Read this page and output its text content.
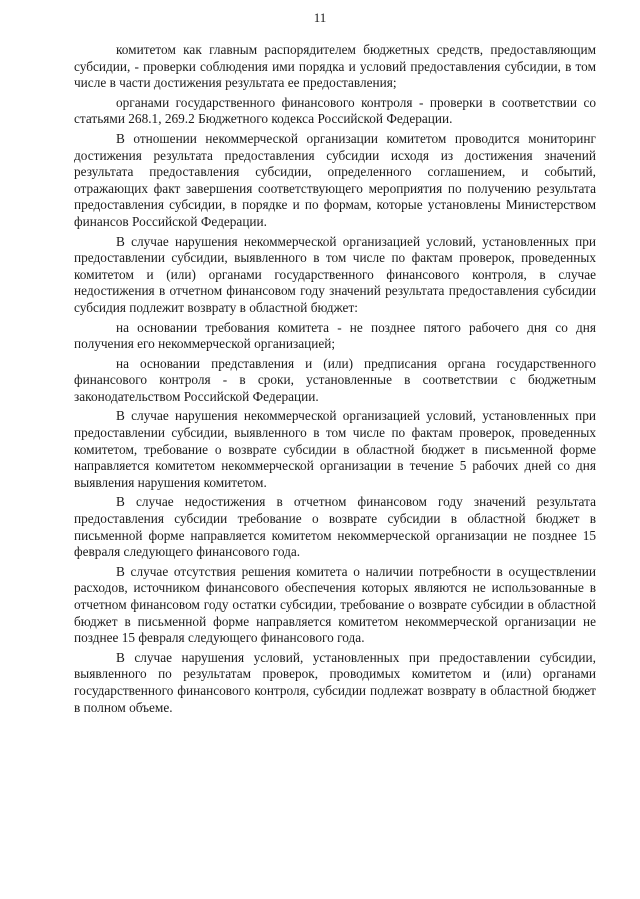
11

комитетом как главным распорядителем бюджетных средств, предоставляющим субсидии, - проверки соблюдения ими порядка и условий предоставления субсидии, в том числе в части достижения результата ее предоставления;

органами государственного финансового контроля - проверки в соответствии со статьями 268.1, 269.2 Бюджетного кодекса Российской Федерации.

В отношении некоммерческой организации комитетом проводится мониторинг достижения результата предоставления субсидии исходя из достижения значений результата предоставления субсидии, определенного соглашением, и событий, отражающих факт завершения соответствующего мероприятия по получению результата предоставления субсидии, в порядке и по формам, которые установлены Министерством финансов Российской Федерации.

В случае нарушения некоммерческой организацией условий, установленных при предоставлении субсидии, выявленного в том числе по фактам проверок, проведенных комитетом и (или) органами государственного финансового контроля, в случае недостижения в отчетном финансовом году значений результата предоставления субсидии субсидия подлежит возврату в областной бюджет:

на основании требования комитета - не позднее пятого рабочего дня со дня получения его некоммерческой организацией;

на основании представления и (или) предписания органа государственного финансового контроля - в сроки, установленные в соответствии с бюджетным законодательством Российской Федерации.

В случае нарушения некоммерческой организацией условий, установленных при предоставлении субсидии, выявленного в том числе по фактам проверок, проведенных комитетом, требование о возврате субсидии в областной бюджет в письменной форме направляется комитетом некоммерческой организации в течение 5 рабочих дней со дня выявления нарушения комитетом.

В случае недостижения в отчетном финансовом году значений результата предоставления субсидии требование о возврате субсидии в областной бюджет в письменной форме направляется комитетом некоммерческой организации не позднее 15 февраля следующего финансового года.

В случае отсутствия решения комитета о наличии потребности в осуществлении расходов, источником финансового обеспечения которых являются не использованные в отчетном финансовом году остатки субсидии, требование о возврате субсидии в областной бюджет в письменной форме направляется комитетом некоммерческой организации не позднее 15 февраля следующего финансового года.

В случае нарушения условий, установленных при предоставлении субсидии, выявленного по результатам проверок, проводимых комитетом и (или) органами государственного финансового контроля, субсидии подлежат возврату в областной бюджет в полном объеме.
